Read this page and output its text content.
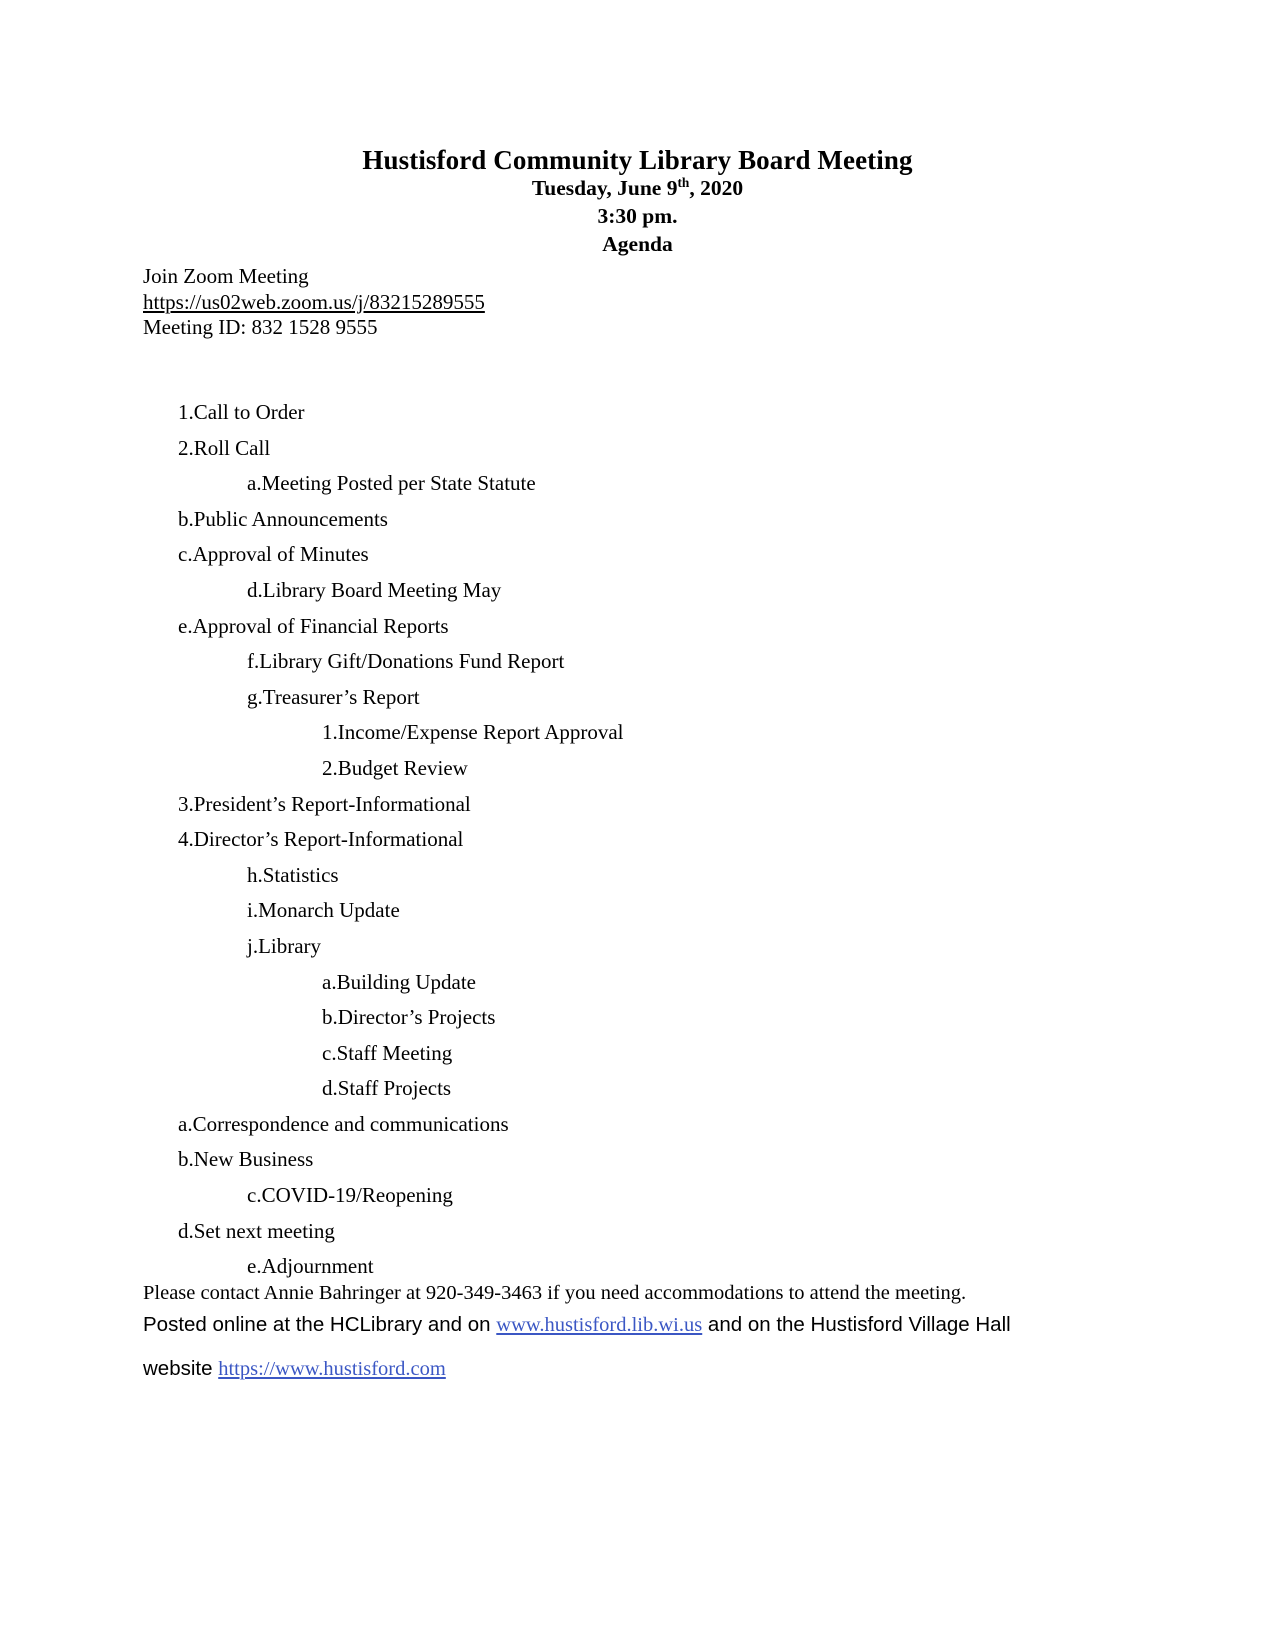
Hustisford Community Library Board Meeting
Tuesday, June 9th, 2020
3:30 pm.
Agenda
Join Zoom Meeting
https://us02web.zoom.us/j/83215289555
Meeting ID: 832 1528 9555
1.Call to Order
2.Roll Call
a.Meeting Posted per State Statute
b.Public Announcements
c.Approval of Minutes
d.Library Board Meeting May
e.Approval of Financial Reports
f.Library Gift/Donations Fund Report
g.Treasurer’s Report
1.Income/Expense Report Approval
2.Budget Review
3.President’s Report-Informational
4.Director’s Report-Informational
h.Statistics
i.Monarch Update
j.Library
a.Building Update
b.Director’s Projects
c.Staff Meeting
d.Staff Projects
a.Correspondence and communications
b.New Business
c.COVID-19/Reopening
d.Set next meeting
e.Adjournment
Please contact Annie Bahringer at 920-349-3463 if you need accommodations to attend the meeting.
Posted online at the HCLibrary and on www.hustisford.lib.wi.us and on the Hustisford Village Hall
website https://www.hustisford.com
